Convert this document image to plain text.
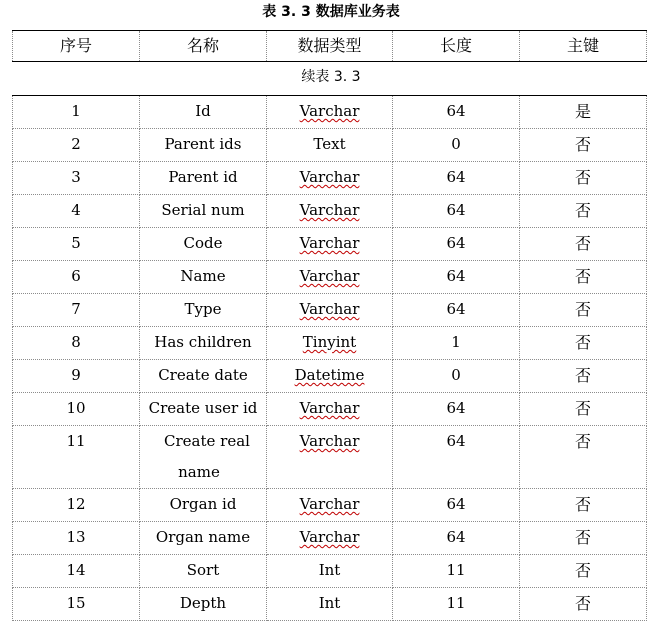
表 3. 3 数据库业务表
序号	名称	数据类型	长度	主键
续表 3. 3
1	Id	Varchar	64	是
2	Parent ids	Text	0	否
3	Parent id	Varchar	64	否
4	Serial num	Varchar	64	否
5	Code	Varchar	64	否
6	Name	Varchar	64	否
7	Type	Varchar	64	否
8	Has children	Tinyint	1	否
9	Create date	Datetime	0	否
10	Create user id	Varchar	64	否
11	Create real name	Varchar	64	否
12	Organ id	Varchar	64	否
13	Organ name	Varchar	64	否
14	Sort	Int	11	否
15	Depth	Int	11	否
